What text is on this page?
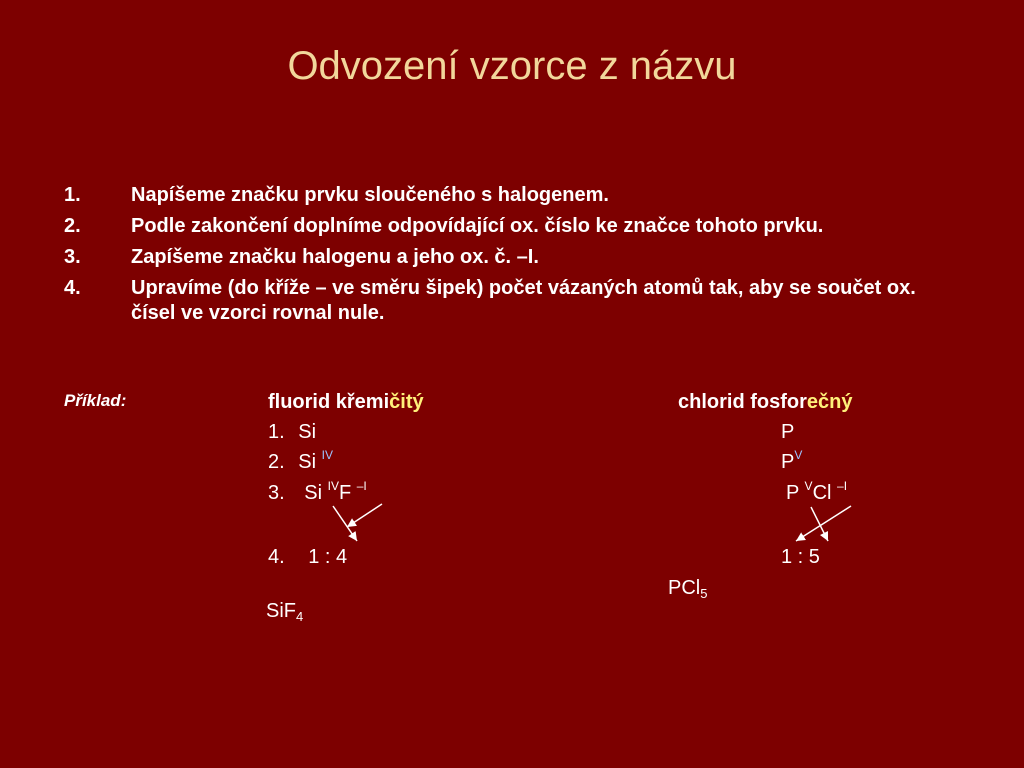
Odvození vzorce z názvu
1.	Napíšeme značku prvku sloučeného s halogenem.
2.	Podle zakončení doplníme odpovídající ox. číslo ke značce tohoto prvku.
3.	Zapíšeme značku halogenu a jeho ox. č. –I.
4.	Upravíme (do kříže – ve směru šipek) počet vázaných atomů tak, aby se součet ox. čísel ve vzorci rovnal nule.
Příklad:	fluorid křemičitý
1. Si
2. Si $^{IV}$
3. Si $^{IV}$F $^{-I}$
4. 1 : 4
SiF$_4$
chlorid fosforečný
P
$P^V$
P $^V$Cl $^{-I}$
1 : 5
PCl$_5$
